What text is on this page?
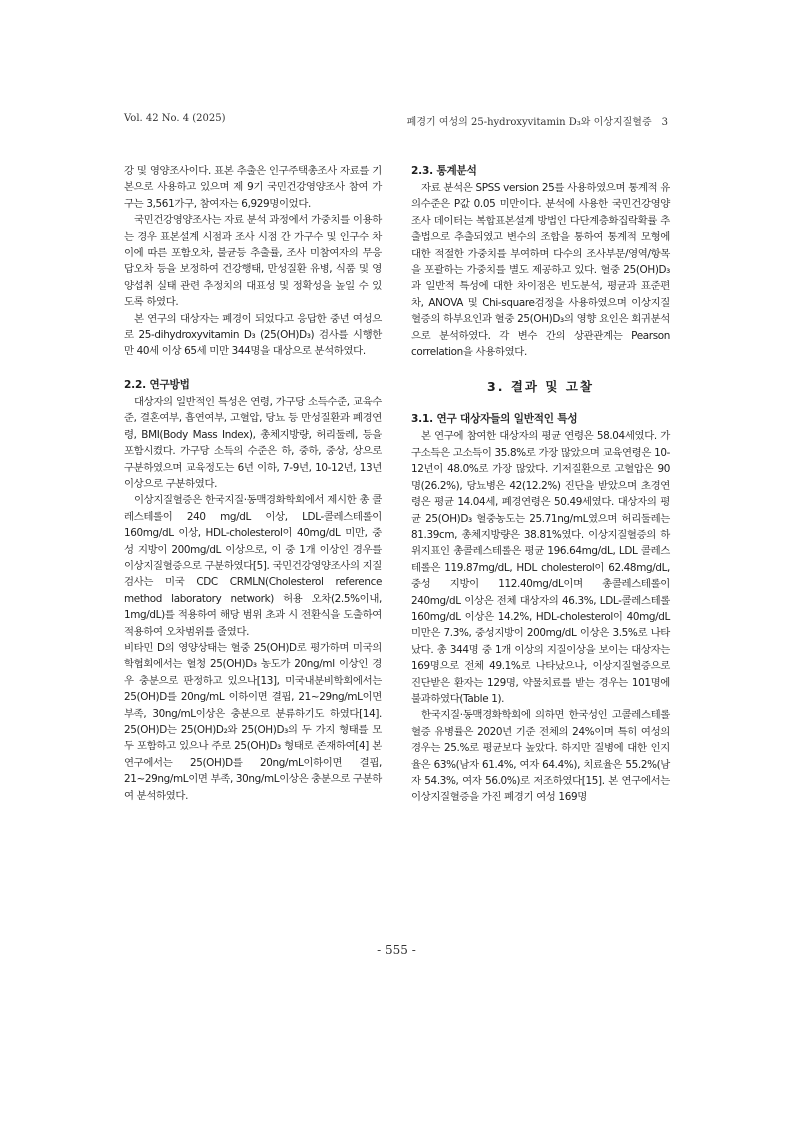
Vol. 42 No. 4 (2025)	폐경기 여성의 25-hydroxyvitamin D₃와 이상지질혈증 3

강 및 영양조사이다. 표본 추출은 인구주택총조사 자료를 기본으로 사용하고 있으며 제 9기 국민건강영양조사 참여 가구는 3,561가구, 참여자는 6,929명이었다.

국민건강영양조사는 자료 분석 과정에서 가중치를 이용하는 경우 표본설계 시점과 조사 시점 간 가구수 및 인구수 차이에 따른 포함오차, 불균등 추출률, 조사 미참여자의 무응답오차 등을 보정하여 건강행태, 만성질환 유병, 식품 및 영양섭취 실태 관련 추정치의 대표성 및 정확성을 높일 수 있도록 하였다.

본 연구의 대상자는 폐경이 되었다고 응답한 중년 여성으로 25-dihydroxyvitamin D₃ (25(OH)D₃) 검사를 시행한 만 40세 이상 65세 미만 344명을 대상으로 분석하였다.

2.2. 연구방법

대상자의 일반적인 특성은 연령, 가구당 소득수준, 교육수준, 결혼여부, 흡연여부, 고혈압, 당뇨 등 만성질환과 폐경연령, BMI(Body Mass Index), 총체지방량, 허리둘레, 등을 포함시켰다. 가구당 소득의 수준은 하, 중하, 중상, 상으로 구분하였으며 교육정도는 6년 이하, 7-9년, 10-12년, 13년 이상으로 구분하였다.

이상지질혈증은 한국지질·동맥경화학회에서 제시한 총 콜레스테롤이 240 mg/dL 이상, LDL-콜레스테롤이 160mg/dL 이상, HDL-cholesterol이 40mg/dL 미만, 중성 지방이 200mg/dL 이상으로, 이 중 1개 이상인 경우를 이상지질혈증으로 구분하였다[5]. 국민건강영양조사의 지질검사는 미국 CDC CRMLN(Cholesterol reference method laboratory network) 허용 오차(2.5%이내, 1mg/dL)를 적용하여 해당 범위 초과 시 전환식을 도출하여 적용하여 오차범위를 줄였다.

비타민 D의 영양상태는 혈중 25(OH)D로 평가하며 미국의학협회에서는 혈청 25(OH)D₃ 농도가 20ng/ml 이상인 경우 충분으로 판정하고 있으나[13], 미국내분비학회에서는 25(OH)D를 20ng/mL 이하이면 결핍, 21~29ng/mL이면 부족, 30ng/mL이상은 충분으로 분류하기도 하였다[14]. 25(OH)D는 25(OH)D₂와 25(OH)D₃의 두 가지 형태를 모두 포함하고 있으나 주로 25(OH)D₃ 형태로 존재하여[4] 본 연구에서는 25(OH)D를 20ng/mL이하이면 결핍, 21~29ng/mL이면 부족, 30ng/mL이상은 충분으로 구분하여 분석하였다.

2.3. 통계분석

자료 분석은 SPSS version 25를 사용하였으며 통계적 유의수준은 P값 0.05 미만이다. 분석에 사용한 국민건강영양조사 데이터는 복합표본설계 방법인 다단계층화집락확률 추출법으로 추출되였고 변수의 조합을 통하여 통계적 모형에 대한 적절한 가중치를 부여하며 다수의 조사부문/영역/항목을 포괄하는 가중치를 별도 제공하고 있다. 혈중 25(OH)D₃과 일반적 특성에 대한 차이점은 빈도분석, 평균과 표준편차, ANOVA 및 Chi-square검정을 사용하였으며 이상지질혈증의 하부요인과 혈중 25(OH)D₃의 영향 요인은 회귀분석으로 분석하였다. 각 변수 간의 상관관계는 Pearson correlation을 사용하였다.

3. 결과 및 고찰
3.1. 연구 대상자들의 일반적인 특성

본 연구에 참여한 대상자의 평균 연령은 58.04세였다. 가구소득은 고소득이 35.8%로 가장 많았으며 교육연령은 10-12년이 48.0%로 가장 많았다. 기저질환으로 고혈압은 90명(26.2%), 당뇨병은 42(12.2%) 진단을 받았으며 초경연령은 평균 14.04세, 폐경연령은 50.49세였다. 대상자의 평균 25(OH)D₃ 혈중농도는 25.71ng/mL였으며 허리둘레는 81.39cm, 총체지방량은 38.81%였다. 이상지질혈증의 하위지표인 총콜레스테롤은 평균 196.64mg/dL, LDL 콜레스테롤은 119.87mg/dL, HDL cholesterol이 62.48mg/dL, 중성 지방이 112.40mg/dL이며 총콜레스테롤이 240mg/dL 이상은 전체 대상자의 46.3%, LDL-콜레스테롤 160mg/dL 이상은 14.2%, HDL-cholesterol이 40mg/dL 미만은 7.3%, 중성지방이 200mg/dL 이상은 3.5%로 나타났다. 총 344명 중 1개 이상의 지질이상을 보이는 대상자는 169명으로 전체 49.1%로 나타났으나, 이상지질혈증으로 진단받은 환자는 129명, 약물치료를 받는 경우는 101명에 불과하였다(Table 1).

한국지질·동맥경화학회에 의하면 한국성인 고콜레스테롤혈증 유병률은 2020년 기준 전체의 24%이며 특히 여성의 경우는 25.%로 평균보다 높았다. 하지만 질병에 대한 인지율은 63%(남자 61.4%, 여자 64.4%), 치료율은 55.2%(남자 54.3%, 여자 56.0%)로 저조하였다[15]. 본 연구에서는 이상지질혈증을 가진 폐경기 여성 169명

- 555 -
